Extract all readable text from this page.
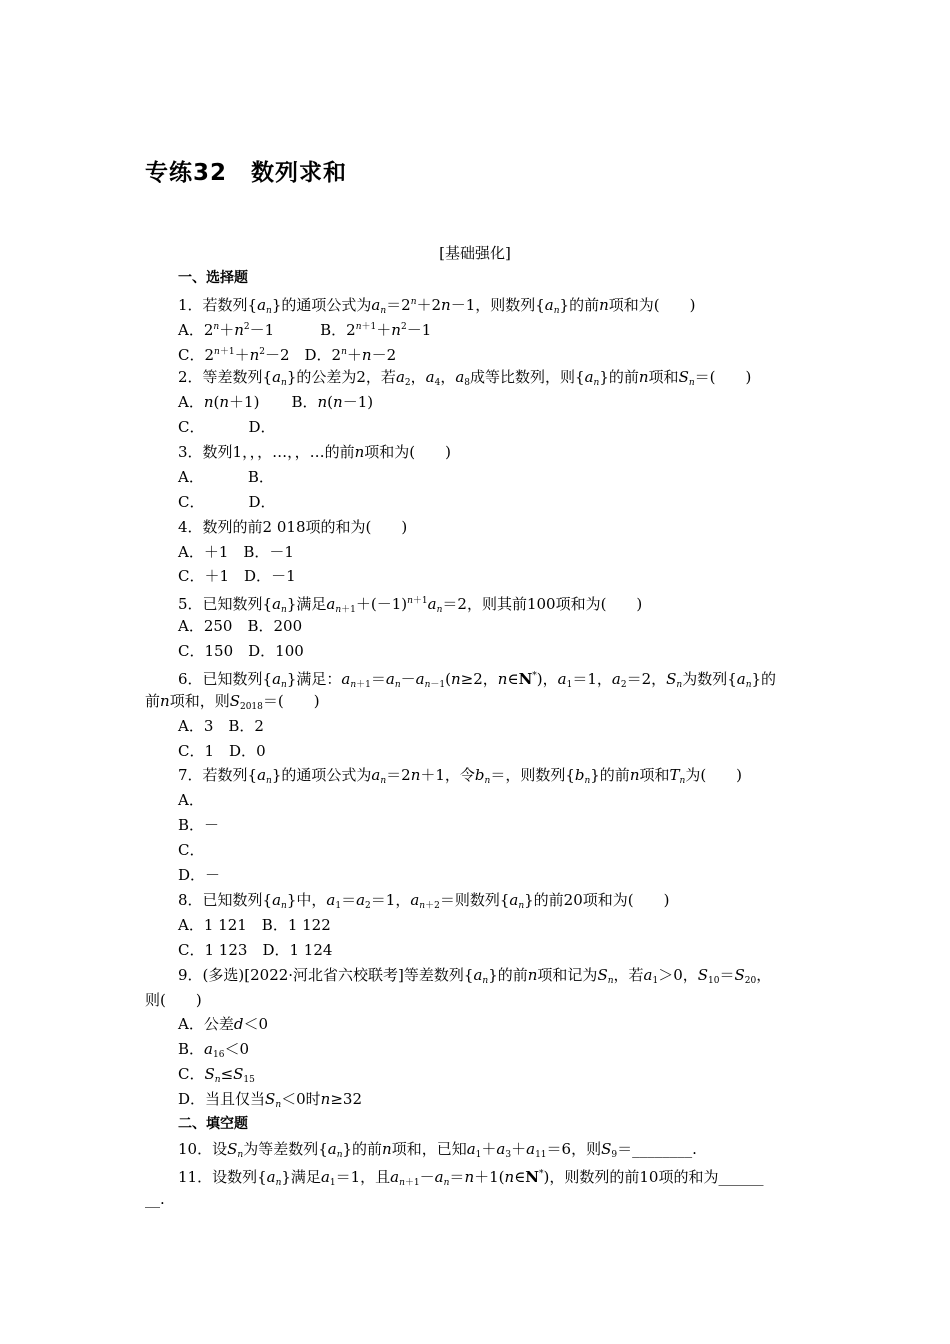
专练32　数列求和
[基础强化]
一、选择题
1．若数列$\{a_n\}$的通项公式为$a_n=2^n+2n-1$，则数列$\{a_n\}$的前n项和为(　　)
A．$2^n+n^2-1$	B．$2^{n+1}+n^2-1$
C．$2^{n+1}+n^2-2$　D．$2^n+n-2$
2．等差数列$\{a_n\}$的公差为2，若$a_2$，$a_4$，$a_8$成等比数列，则$\{a_n\}$的前n项和$S_n=$(　　)
A．n(n＋1) B．n(n－1)
C．	D．
3．数列1，，，…，，…的前n项和为(　　)
A．	B．
C．	D．
4．数列的前2 018项的和为(　　)
A．＋1　B．－1
C．＋1　D．－1
5．已知数列$\{a_n\}$满足$a_{n+1}+(-1)^{n+1}a_n=2$，则其前100项和为(　　)
A．250　B．200
C．150　D．100
6．已知数列$\{a_n\}$满足：$a_{n+1}=a_n-a_{n-1}(n\ge 2$，n∈N*)，$a_1=1$，$a_2=2$，$S_n$为数列$\{a_n\}$的
前n项和，则$S_{2018}=$(　　)
A．3　B．2
C．1　D．0
7．若数列$\{a_n\}$的通项公式为$a_n=2n+1$，令$b_n=$，则数列$\{b_n\}$的前n项和$T_n$为(　　)
A．
B．－
C．
D．－
8．已知数列$\{a_n\}$中，$a_1=a_2=1$，$a_{n+2}=$则数列$\{a_n\}$的前20项和为(　　)
A．1 121　B．1 122
C．1 123　D．1 124
9．(多选)[2022·河北省六校联考]等差数列$\{a_n\}$的前n项和记为$S_n$，若$a_1>0$，$S_{10}=S_{20}$，
则(　　)
A．公差d＜0
B．$a_{16}<0$
C．$S_n\le S_{15}$
D．当且仅当$S_n<0$时n≥32
二、填空题
10．设$S_n$为等差数列$\{a_n\}$的前n项和，已知$a_1+a_3+a_{11}=6$，则$S_9=\_\_\_\_\_\_\_\_$.
11．设数列$\{a_n\}$满足$a_1=1$，且$a_{n+1}-a_n=n+1(n\in N^*)$，则数列的前10项的和为______
__.
